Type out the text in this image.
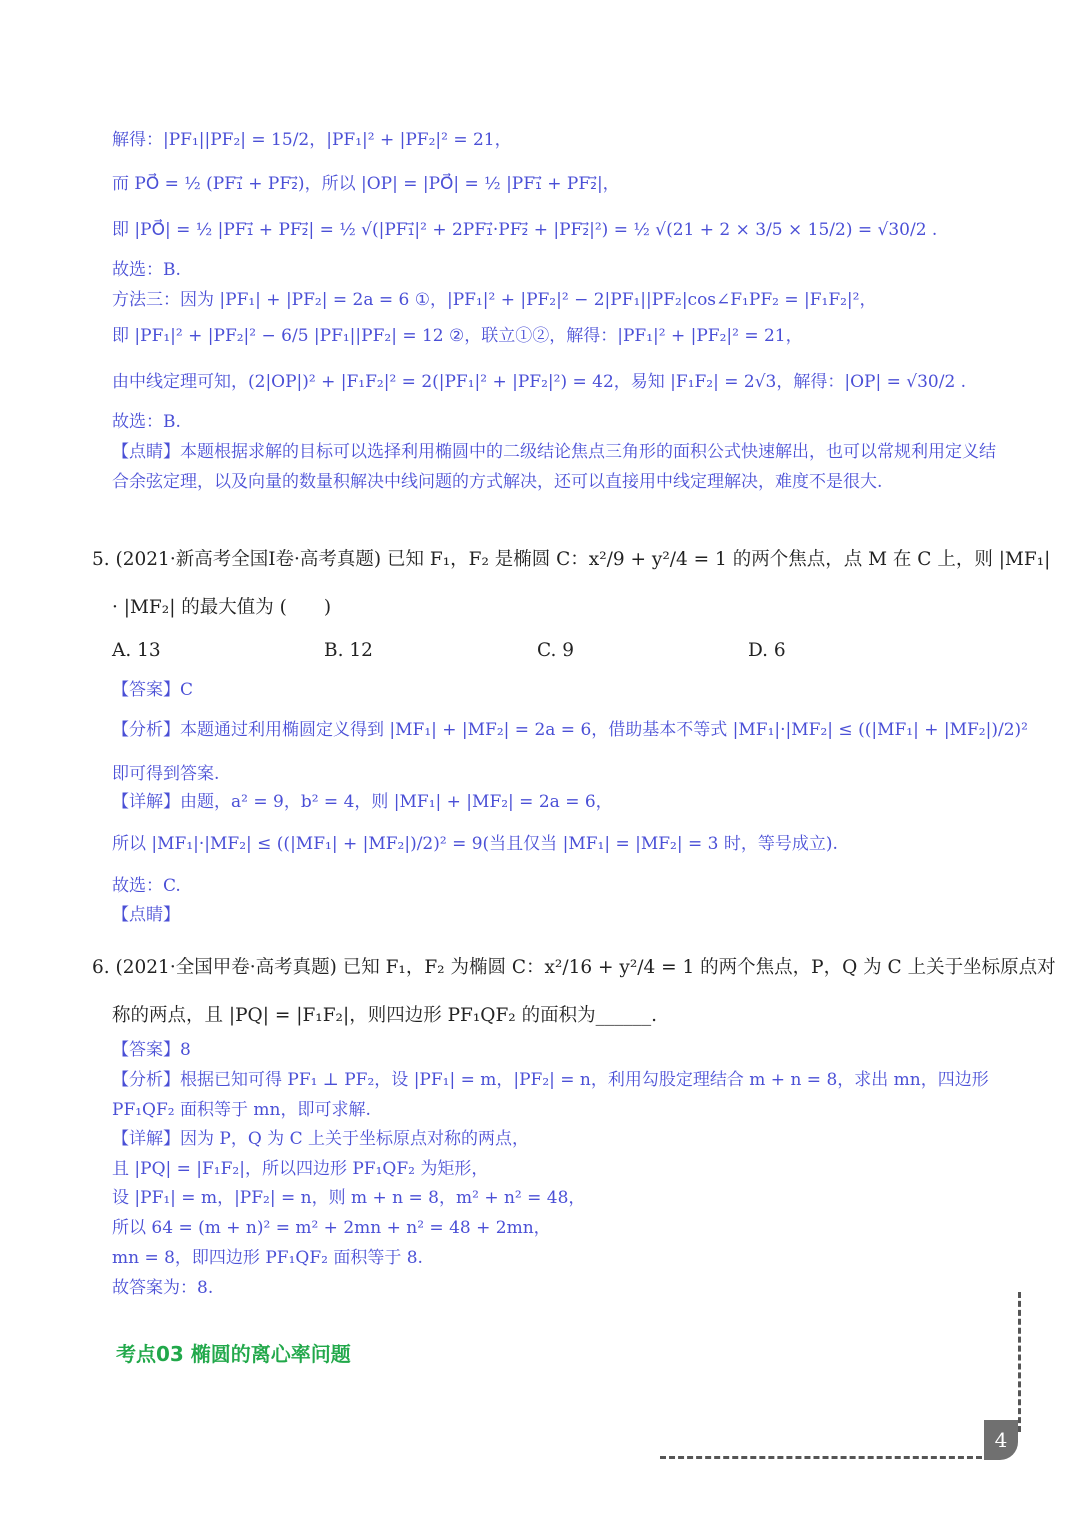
解得：|PF₁||PF₂| = 15/2，|PF₁|² + |PF₂|² = 21，
而 PO⃗ = ½ (PF₁⃗ + PF₂⃗)，所以 |OP| = |PO⃗| = ½ |PF₁⃗ + PF₂⃗|，
即 |PO⃗| = ½ |PF₁⃗ + PF₂⃗| = ½ √(|PF₁⃗|² + 2PF₁⃗·PF₂⃗ + |PF₂⃗|²) = ½ √(21 + 2 × 3/5 × 15/2) = √30/2 .
故选：B.
方法三：因为 |PF₁| + |PF₂| = 2a = 6 ①，|PF₁|² + |PF₂|² − 2|PF₁||PF₂|cos∠F₁PF₂ = |F₁F₂|²，
即 |PF₁|² + |PF₂|² − 6/5 |PF₁||PF₂| = 12 ②，联立①②，解得：|PF₁|² + |PF₂|² = 21，
由中线定理可知，(2|OP|)² + |F₁F₂|² = 2(|PF₁|² + |PF₂|²) = 42，易知 |F₁F₂| = 2√3，解得：|OP| = √30/2 .
故选：B.
【点睛】本题根据求解的目标可以选择利用椭圆中的二级结论焦点三角形的面积公式快速解出，也可以常规利用定义结合余弦定理，以及向量的数量积解决中线问题的方式解决，还可以直接用中线定理解决，难度不是很大.
5. (2021·新高考全国Ⅰ卷·高考真题) 已知 F₁，F₂ 是椭圆 C：x²/9 + y²/4 = 1 的两个焦点，点 M 在 C 上，则 |MF₁|
· |MF₂| 的最大值为 (　　)
A. 13	B. 12	C. 9	D. 6
【答案】C
【分析】本题通过利用椭圆定义得到 |MF₁| + |MF₂| = 2a = 6，借助基本不等式 |MF₁|·|MF₂| ≤ ((|MF₁| + |MF₂|)/2)²
即可得到答案.
【详解】由题，a² = 9，b² = 4，则 |MF₁| + |MF₂| = 2a = 6，
所以 |MF₁|·|MF₂| ≤ ((|MF₁| + |MF₂|)/2)² = 9(当且仅当 |MF₁| = |MF₂| = 3 时，等号成立).
故选：C.
【点睛】
6. (2021·全国甲卷·高考真题) 已知 F₁，F₂ 为椭圆 C：x²/16 + y²/4 = 1 的两个焦点，P，Q 为 C 上关于坐标原点对
称的两点，且 |PQ| = |F₁F₂|，则四边形 PF₁QF₂ 的面积为______.
【答案】8
【分析】根据已知可得 PF₁ ⊥ PF₂，设 |PF₁| = m，|PF₂| = n，利用勾股定理结合 m + n = 8，求出 mn，四边形
PF₁QF₂ 面积等于 mn，即可求解.
【详解】因为 P，Q 为 C 上关于坐标原点对称的两点，
且 |PQ| = |F₁F₂|，所以四边形 PF₁QF₂ 为矩形，
设 |PF₁| = m，|PF₂| = n，则 m + n = 8，m² + n² = 48，
所以 64 = (m + n)² = m² + 2mn + n² = 48 + 2mn，
mn = 8，即四边形 PF₁QF₂ 面积等于 8.
故答案为：8.
考点03 椭圆的离心率问题
4
